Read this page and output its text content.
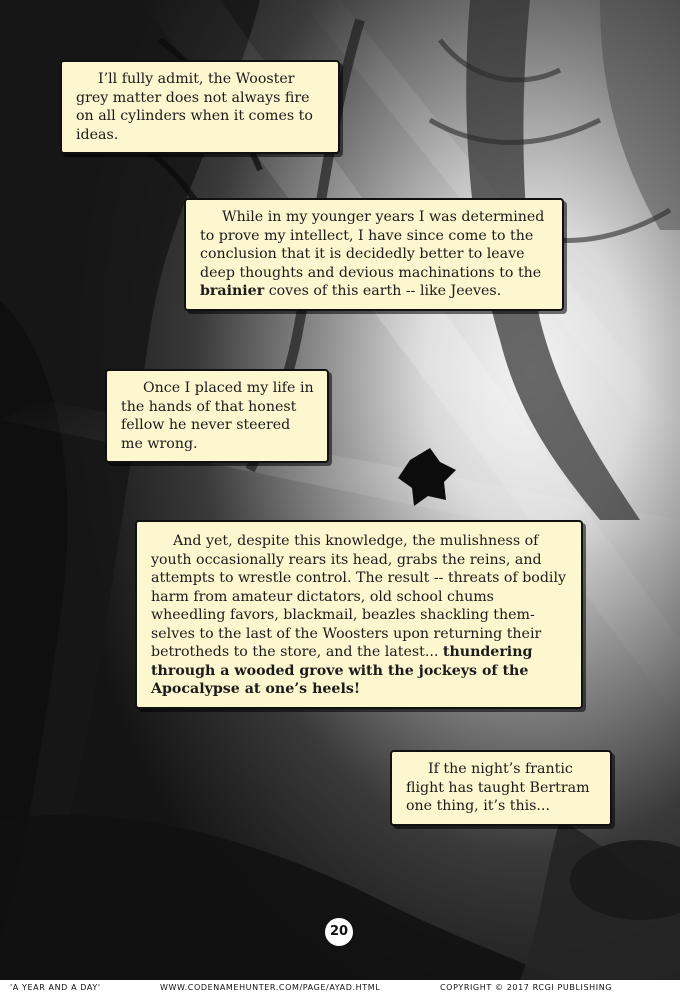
I’ll fully admit, the Wooster grey matter does not always fire on all cylinders when it comes to ideas.
While in my younger years I was determined to prove my intellect, I have since come to the conclusion that it is decidedly better to leave deep thoughts and devious machinations to the brainier coves of this earth -- like Jeeves.
Once I placed my life in the hands of that honest fellow he never steered me wrong.
And yet, despite this knowledge, the mulishness of youth occasionally rears its head, grabs the reins, and attempts to wrestle control. The result -- threats of bodily harm from amateur dictators, old school chums wheedling favors, blackmail, beazles shackling them-selves to the last of the Woosters upon returning their betrotheds to the store, and the latest... thundering through a wooded grove with the jockeys of the Apocalypse at one’s heels!
If the night’s frantic flight has taught Bertram one thing, it’s this...
20
'A YEAR AND A DAY'	WWW.CODENAMEHUNTER.COM/PAGE/AYAD.HTML	COPYRIGHT © 2017 RCGI PUBLISHING
